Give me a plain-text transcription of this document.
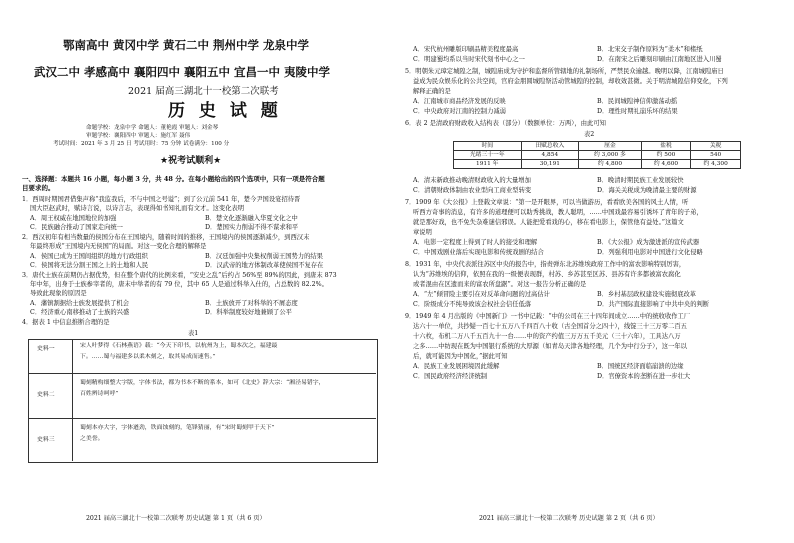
鄂南高中 黄冈中学 黄石二中 荆州中学 龙泉中学
武汉二中 孝感高中 襄阳四中 襄阳五中 宜昌一中 夷陵中学
2021 届高三湖北十一校第二次联考
历 史 试 题
命题学校：龙泉中学 命题人：董艳霞 审题人：刘金琴
审题学校：襄阳四中 审题人：施红军 聂伟
考试时间：2021 年 3 月 25 日 考试用时：75 分钟 试卷满分：100 分
★祝考试顺利★
一、选择题：本题共 16 小题，每小题 3 分，共 48 分。在每小题给出的四个选项中，只有一项是符合题
目要求的。
1．西周时期国君借集声称“我监我后，不与中国之号谥”；到了公元前 541 年，楚今尹国设宴招待晋
国大臣赵武时，赋诗言说，以诗言志，表现得如书知礼而有文才。这变化表明
A．周王权威在地国地位的加强	B．楚文化逐渐融入华夏文化之中
C．民族融合推动了国家走向统一	D．楚国实力削弱不得不谋求和平
2．西汉初年有相当数量的侯国分布在王国境内，随着时间的推移，王国境内的侯国逐渐减少，到西汉末
年最终形成“王国境内无侯国”的局面。对这一变化合理的解释是
A．侯国已成为王国间组织的地方行政组织	B．汉廷加强中央集权削弱王国势力的结果
C．侯国将无法分割王国之上的土地和人民	D．汉武帝的地方体制改革使侯国不复存在
3．唐代士族在前期仍占据优势，但在整个唐代的比例来看，“安史之乱”后约占 56%至 89%的因此，到唐末 873
年中年，出身于士族参宰者的，唐末中举者的有 79 位，其中 65 人是通过科举入仕的，占总数的 82.2%。
导致此现象的原因是
A．藩镇割据给士族发展提供了机会	B．土族放开了对科举的不屑态度
C．经济重心南移推动了士族的兴盛	D．科举制度较好地兼顾了公平
4．据表 1 中信息推断合理的是
表1
史料一	宋人叶梦得《石林燕语》载：“今天下印书，以杭州为上，蜀本次之，福建最
下。……蜀与福建多以柔木刻之，取其易成而速售。”
史料二
蜀刻精构细整大字版，字体书法，都为书本不断的系本，如可《北史》辞大宗：“湘泾易错字，
百姓辨诗呵呼”
史料三
蜀刻本亦大字，字体遒劲，铁面蚀刻的，笔锋猜丽，有“宋时蜀刻甲于天下”
之美誉。
2021 届高三湖北十一校第二次联考 历史试题 第 1 页（共 6 页）
A．宋代杭州雕版印刷品精美程度最高	B．北宋交子制作原料为“柔木”和楮纸
C．明建蜀均系以当时宋代刻书中心之一	D．在南宋之后雕刻印刷由江南地区进入川蜀
5．明朝朱元璋定城隍之制，城隍庙成为守护和监督所管辖地的礼制场所，严禁民众逾越。晚明以降，江南城隍庙日
益成为民众娱乐化的公共空间，官府金朋圆城隍祭活动管城隍的控制，却收效甚微。关于明清城隍信仰变化，下列
解释正确的是
A．江南城市商品经济发展的反映	B．民间城隍神信仰激荡动摇
C．中央政府对江南的控制力减弱	D．理性时期礼崩乐坏的结果
6．表 2 是清政府财政收入结构表（部分）（数额单位：万两），由此可知
表2
时间	田赋总收入	厘金	盐税	关税
光绪三十一年	4,854	约 3,000 多	约 500	540
1911 年	30,191	约 4,800	约 4,600	约 4,300
A．清末新政推动晚清财政收入的大量增加	B．晚清时期民族工业发展较快
C．清朝财政体制由农业型向工商业型转变	D．海关关税成为晚清最主要的财源
7．1909 年《大公报》上登载文章说：“第一是开眼界，可以当做游历，看看欧美各国的风土人情，听
听西方奇事的消息，有许多的道理便可以助秀挑战，教人聪明，……中国戏最容易引诱坏了青年的子弟，
就是那好戏，也不免失杂难谜信邪误。人能把爱看戏的心，移在看电影上，保管他有益处。”这篇文
章说明
A．电影一定程度上得到了时人的接受和理解	B．《大公报》成为激进派的宣传武器
C．中国戏剧业落后实现电影和传统戏剧的结合	D．列强利用电影对中国进行文化侵略
8．1931 年，中央代表派往苏区中央的报告中，指责弹东北苏维埃政府工作中的富农影响特别厉害，
认为“苏维埃的信仰，依照在我的一级便表现群，村苏、乡苏甚至区苏、县苏有许多都被富农腐化
或者混由在区遗而来的富农所盘踞”。对这一报告分析正确的是
A．“左”倾冒险主要引在对反革命问题的过高估计	B．乡村基层政权建设实施彻底改革
C．阶级成分不纯导致该会权社会信任低落	D．共产国际直接影响了中共中央的判断
9．1949 年 4 月出版的《中国新门》一书中记载：“中的公司在三十四年间成立……中的统收收作工厂
达六十一单位，共抄疑一百七十五万八千四百八十收（古全国首分之四十），线锭三十三万零二百五
十六枚，布机二万八千五百九十一台……中的资产约值三万万五千美元（三十六年），工具达八万
之多……中纺现在既为中国银行系统的大厚源（如青岛天津各地经理，几个为中行分子），这一年以
后，就可能因为中国化，”据此可知
A．民族工业发展困境因此缓解	B．国统区经济面临崩溃的边缘
C．国民政府经济经济统制	D．官僚资本的垄断在进一步壮大
2021 届高三湖北十一校第二次联考 历史试题 第 2 页（共 6 页）
